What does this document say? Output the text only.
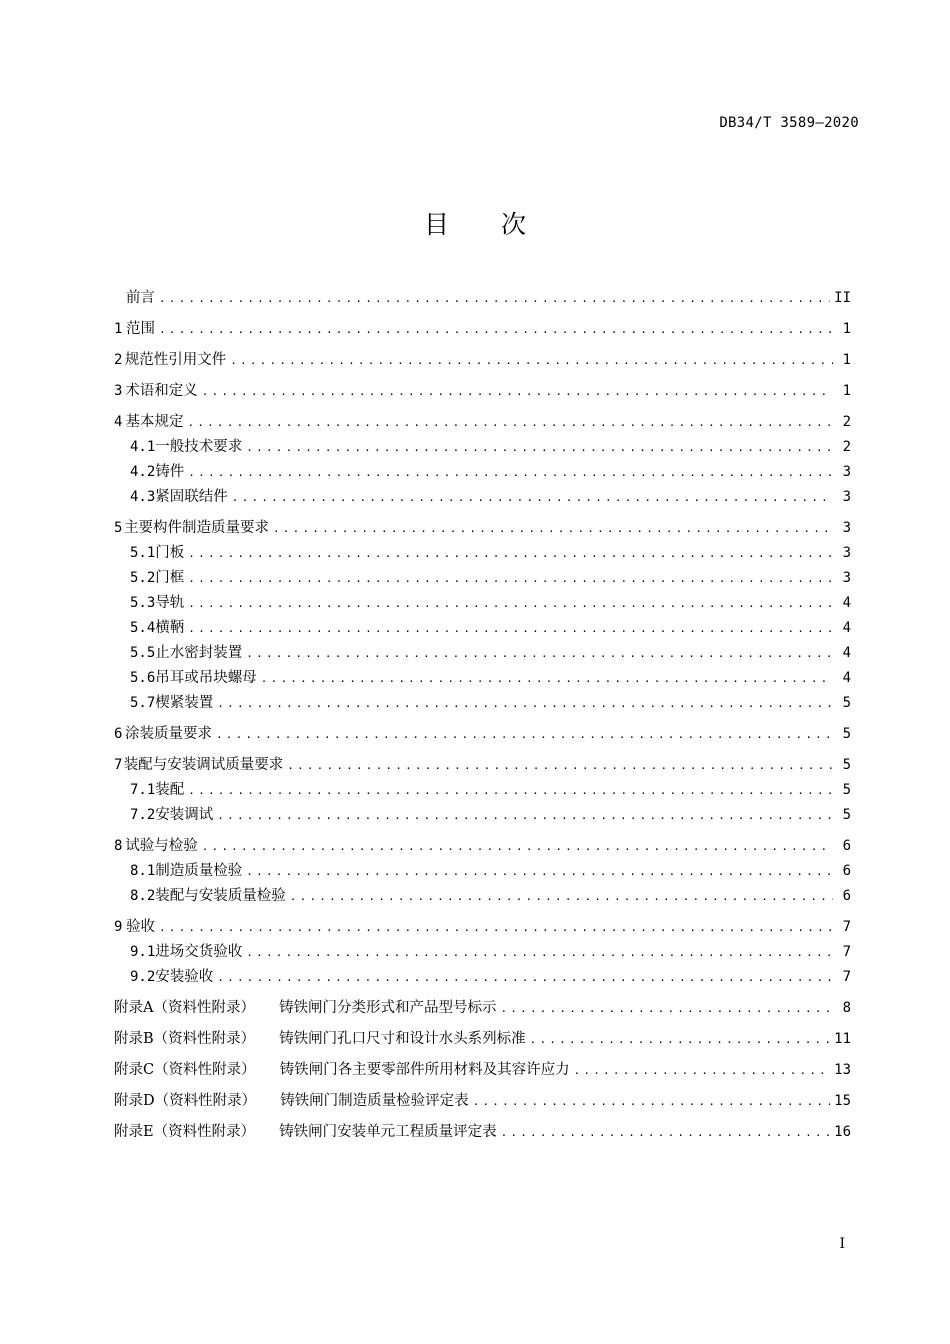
DB34/T 3589—2020
目 次
前言 .....	II
1 范围 .....	1
2 规范性引用文件 .....	1
3 术语和定义 .....	1
4 基本规定 .....	2
4.1 一般技术要求 .....	2
4.2 铸件 .....	3
4.3 紧固联结件 .....	3
5 主要构件制造质量要求 .....	3
5.1 门板 .....	3
5.2 门框 .....	3
5.3 导轨 .....	4
5.4 横鞆 .....	4
5.5 止水密封装置 .....	4
5.6 吊耳或吊块螺母 .....	4
5.7 楔紧装置 .....	5
6 涂装质量要求 .....	5
7 装配与安装调试质量要求 .....	5
7.1 装配 .....	5
7.2 安装调试 .....	5
8 试验与检验 .....	6
8.1 制造质量检验 .....	6
8.2 装配与安装质量检验 .....	6
9 验收 .....	7
9.1 进场交货验收 .....	7
9.2 安装验收 .....	7
附录A（资料性附录）	铸铁闸门分类形式和产品型号标示 .....	8
附录B（资料性附录）	铸铁闸门孔口尺寸和设计水头系列标准 .....	11
附录C（资料性附录）	铸铁闸门各主要零部件所用材料及其容许应力 .....	13
附录D（资料性附录）	铸铁闸门制造质量检验评定表 .....	15
附录E（资料性附录）	铸铁闸门安装单元工程质量评定表 .....	16
I
